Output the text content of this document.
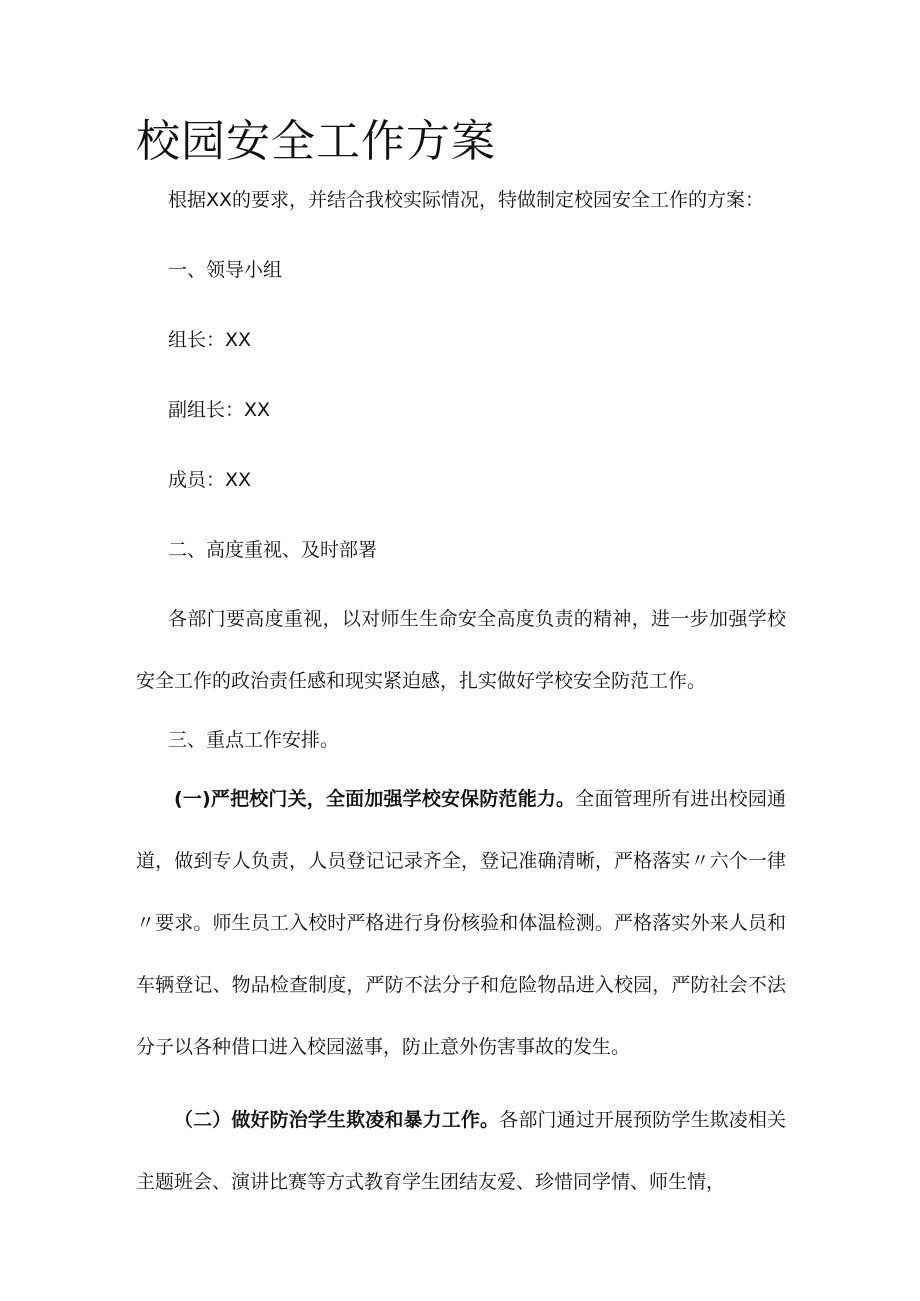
校园安全工作方案

根据XX的要求，并结合我校实际情况，特做制定校园安全工作的方案：

一、领导小组

组长：XX

副组长：XX

成员：XX

二、高度重视、及时部署

各部门要高度重视，以对师生生命安全高度负责的精神，进一步加强学校安全工作的政治责任感和现实紧迫感，扎实做好学校安全防范工作。

三、重点工作安排。

(一)严把校门关，全面加强学校安保防范能力。全面管理所有进出校园通道，做到专人负责，人员登记记录齐全，登记准确清晰，严格落实〃六个一律〃要求。师生员工入校时严格进行身份核验和体温检测。严格落实外来人员和车辆登记、物品检查制度，严防不法分子和危险物品进入校园，严防社会不法分子以各种借口进入校园滋事，防止意外伤害事故的发生。

（二）做好防治学生欺凌和暴力工作。各部门通过开展预防学生欺凌相关主题班会、演讲比赛等方式教育学生团结友爱、珍惜同学情、师生情，
